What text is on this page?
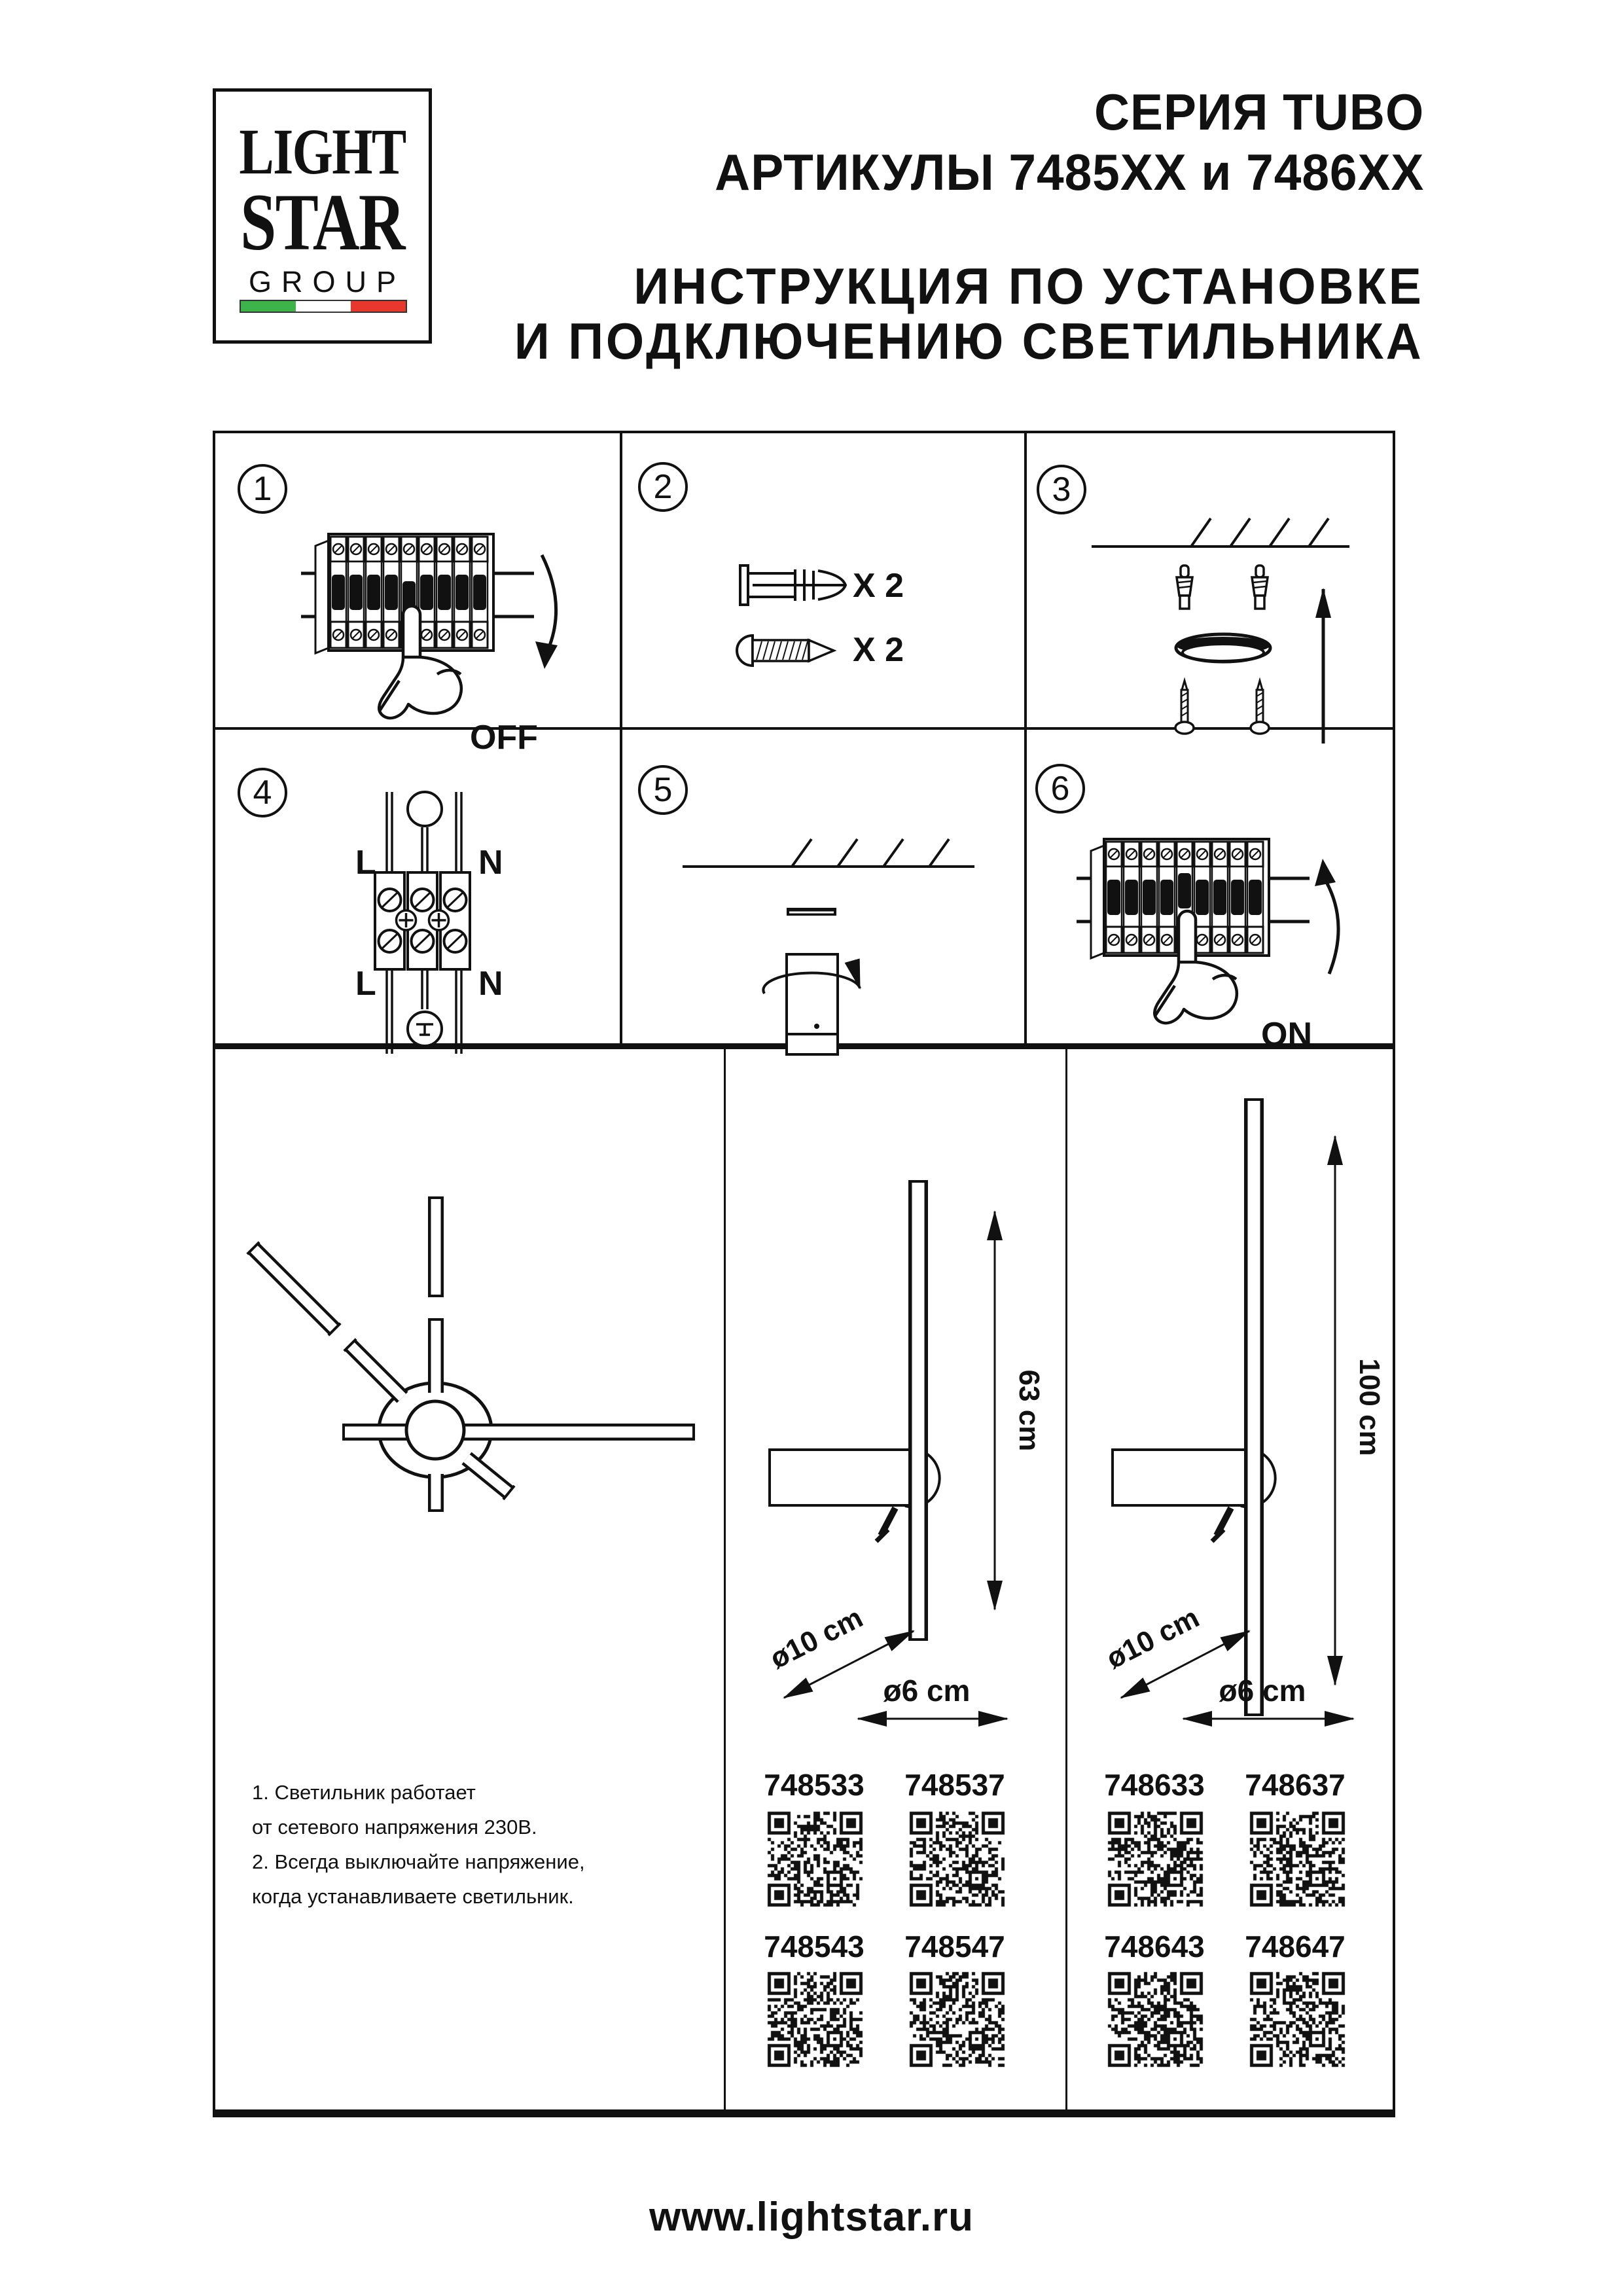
LIGHT
STAR
GROUP
СЕРИЯ TUBO
АРТИКУЛЫ 7485ХХ и 7486ХХ
ИНСТРУКЦИЯ ПО УСТАНОВКЕ
И ПОДКЛЮЧЕНИЮ СВЕТИЛЬНИКА
1	2	3
4	5	6
OFF
X 2
X 2
L	N
L	N
ON
63 cm
ø10 cm
ø6 cm
100 cm
ø10 cm
ø6 cm
1. Светильник работает
от сетевого напряжения 230В.
2. Всегда выключайте напряжение,
когда устанавливаете светильник.
748533 748537
748543 748547
748633 748637
748643 748647
www.lightstar.ru
